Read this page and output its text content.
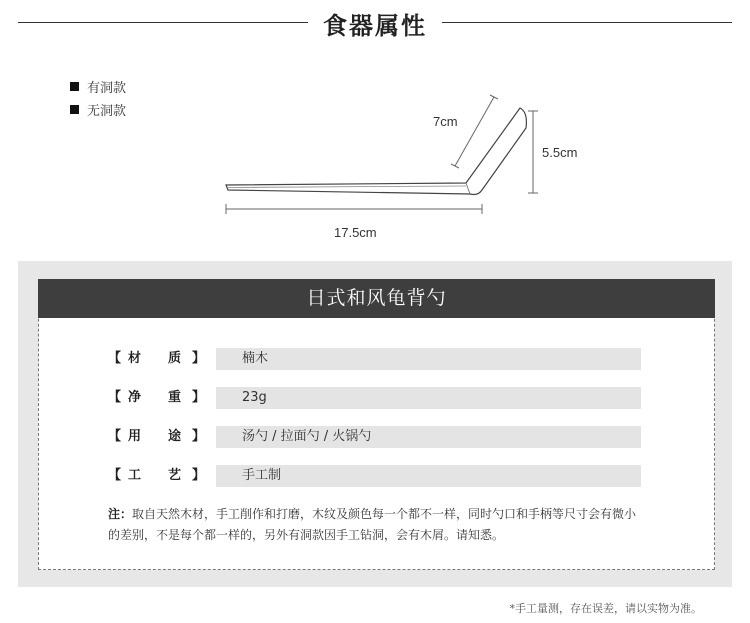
食器属性
有洞款
无洞款
7cm
5.5cm
17.5cm
日式和风龟背勺
【 材 质 】	楠木
【 净 重 】	23g
【 用 途 】	汤勺 / 拉面勺 / 火锅勺
【 工 艺 】	手工制
注：取自天然木材，手工削作和打磨，木纹及颜色每一个都不一样，同时勺口和手柄等尺寸会有微小的差别，不是每个都一样的，另外有洞款因手工钻洞，会有木屑。请知悉。
*手工量测，存在误差，请以实物为准。
